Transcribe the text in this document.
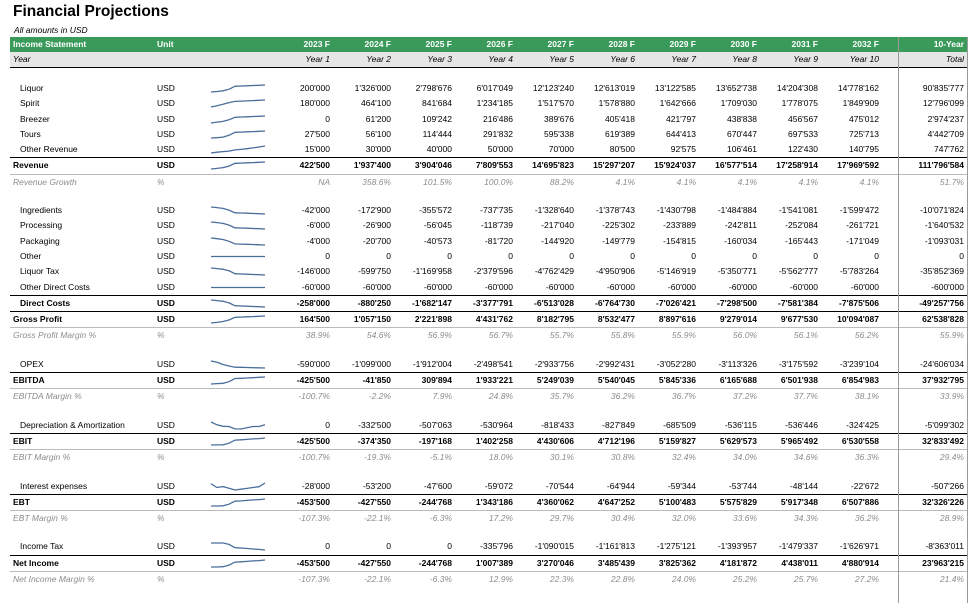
Financial Projections
All amounts in USD
Income Statement	Unit	2023 F	2024 F	2025 F	2026 F	2027 F	2028 F	2029 F	2030 F	2031 F	2032 F	10-Year
Year	Year 1	Year 2	Year 3	Year 4	Year 5	Year 6	Year 7	Year 8	Year 9	Year 10	Total
Liquor	USD	200'000	1'326'000	2'798'676	6'017'049	12'123'240	12'613'019	13'122'585	13'652'738	14'204'308	14'778'162	90'835'777
Spirit	USD	180'000	464'100	841'684	1'234'185	1'517'570	1'578'880	1'642'666	1'709'030	1'778'075	1'849'909	12'796'099
Breezer	USD	0	61'200	109'242	216'486	389'676	405'418	421'797	438'838	456'567	475'012	2'974'237
Tours	USD	27'500	56'100	114'444	291'832	595'338	619'389	644'413	670'447	697'533	725'713	4'442'709
Other Revenue	USD	15'000	30'000	40'000	50'000	70'000	80'500	92'575	106'461	122'430	140'795	747'762
Revenue	USD	422'500	1'937'400	3'904'046	7'809'553	14'695'823	15'297'207	15'924'037	16'577'514	17'258'914	17'969'592	111'796'584
Revenue Growth	%	NA	358.6%	101.5%	100.0%	88.2%	4.1%	4.1%	4.1%	4.1%	4.1%	51.7%
Ingredients	USD	-42'000	-172'900	-355'572	-737'735	-1'328'640	-1'378'743	-1'430'798	-1'484'884	-1'541'081	-1'599'472	-10'071'824
Processing	USD	-6'000	-26'900	-56'045	-118'739	-217'040	-225'302	-233'889	-242'811	-252'084	-261'721	-1'640'532
Packaging	USD	-4'000	-20'700	-40'573	-81'720	-144'920	-149'779	-154'815	-160'034	-165'443	-171'049	-1'093'031
Other	USD	0	0	0	0	0	0	0	0	0	0	0
Liquor Tax	USD	-146'000	-599'750	-1'169'958	-2'379'596	-4'762'429	-4'950'906	-5'146'919	-5'350'771	-5'562'777	-5'783'264	-35'852'369
Other Direct Costs	USD	-60'000	-60'000	-60'000	-60'000	-60'000	-60'000	-60'000	-60'000	-60'000	-60'000	-600'000
Direct Costs	USD	-258'000	-880'250	-1'682'147	-3'377'791	-6'513'028	-6'764'730	-7'026'421	-7'298'500	-7'581'384	-7'875'506	-49'257'756
Gross Profit	USD	164'500	1'057'150	2'221'898	4'431'762	8'182'795	8'532'477	8'897'616	9'279'014	9'677'530	10'094'087	62'538'828
Gross Profit Margin %	%	38.9%	54.6%	56.9%	56.7%	55.7%	55.8%	55.9%	56.0%	56.1%	56.2%	55.9%
OPEX	USD	-590'000	-1'099'000	-1'912'004	-2'498'541	-2'933'756	-2'992'431	-3'052'280	-3'113'326	-3'175'592	-3'239'104	-24'606'034
EBITDA	USD	-425'500	-41'850	309'894	1'933'221	5'249'039	5'540'045	5'845'336	6'165'688	6'501'938	6'854'983	37'932'795
EBITDA Margin %	%	-100.7%	-2.2%	7.9%	24.8%	35.7%	36.2%	36.7%	37.2%	37.7%	38.1%	33.9%
Depreciation & Amortization	USD	0	-332'500	-507'063	-530'964	-818'433	-827'849	-685'509	-536'115	-536'446	-324'425	-5'099'302
EBIT	USD	-425'500	-374'350	-197'168	1'402'258	4'430'606	4'712'196	5'159'827	5'629'573	5'965'492	6'530'558	32'833'492
EBIT Margin %	%	-100.7%	-19.3%	-5.1%	18.0%	30.1%	30.8%	32.4%	34.0%	34.6%	36.3%	29.4%
Interest expenses	USD	-28'000	-53'200	-47'600	-59'072	-70'544	-64'944	-59'344	-53'744	-48'144	-22'672	-507'266
EBT	USD	-453'500	-427'550	-244'768	1'343'186	4'360'062	4'647'252	5'100'483	5'575'829	5'917'348	6'507'886	32'326'226
EBT Margin %	%	-107.3%	-22.1%	-6.3%	17.2%	29.7%	30.4%	32.0%	33.6%	34.3%	36.2%	28.9%
Income Tax	USD	0	0	0	-335'796	-1'090'015	-1'161'813	-1'275'121	-1'393'957	-1'479'337	-1'626'971	-8'363'011
Net Income	USD	-453'500	-427'550	-244'768	1'007'389	3'270'046	3'485'439	3'825'362	4'181'872	4'438'011	4'880'914	23'963'215
Net Income Margin %	%	-107.3%	-22.1%	-6.3%	12.9%	22.3%	22.8%	24.0%	25.2%	25.7%	27.2%	21.4%
